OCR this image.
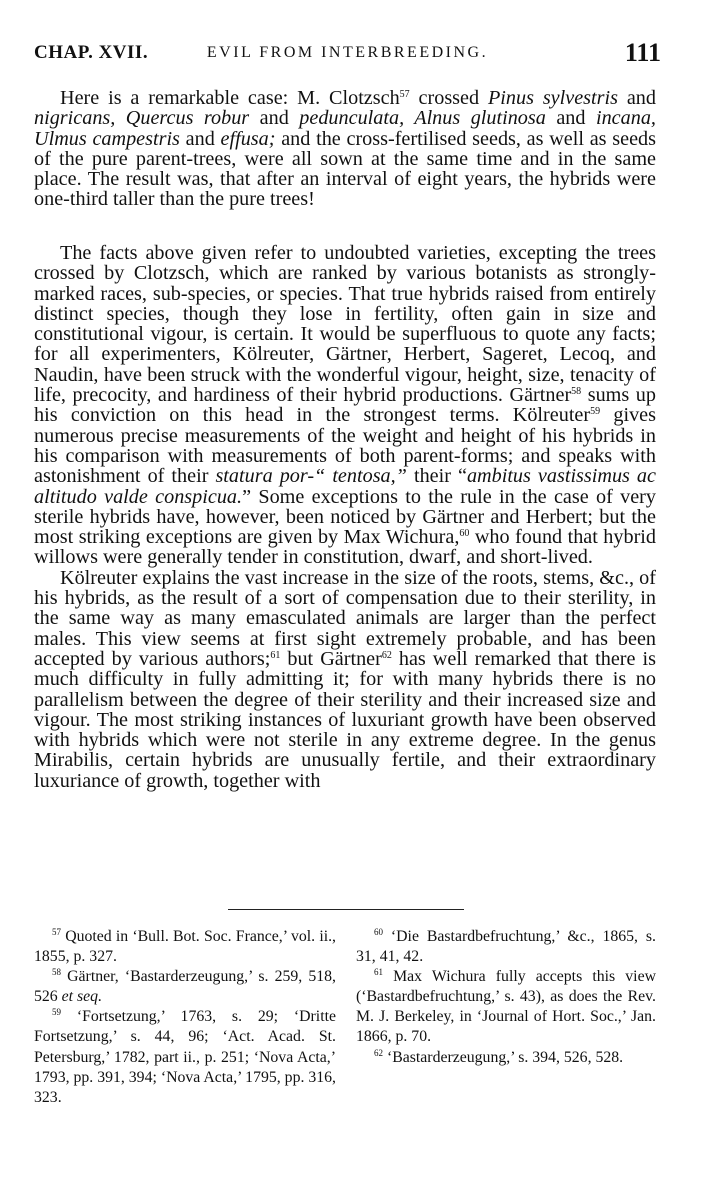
CHAP. XVII.	EVIL FROM INTERBREEDING.	111

Here is a remarkable case: M. Clotzsch$^{57}$ crossed Pinus sylvestris and nigricans, Quercus robur and pedunculata, Alnus glutinosa and incana, Ulmus campestris and effusa; and the cross-fertilised seeds, as well as seeds of the pure parent-trees, were all sown at the same time and in the same place. The result was, that after an interval of eight years, the hybrids were one-third taller than the pure trees!

The facts above given refer to undoubted varieties, excepting the trees crossed by Clotzsch, which are ranked by various botanists as strongly-marked races, sub-species, or species. That true hybrids raised from entirely distinct species, though they lose in fertility, often gain in size and constitutional vigour, is certain. It would be superfluous to quote any facts; for all experimenters, Kölreuter, Gärtner, Herbert, Sageret, Lecoq, and Naudin, have been struck with the wonderful vigour, height, size, tenacity of life, precocity, and hardiness of their hybrid productions. Gärtner$^{58}$ sums up his conviction on this head in the strongest terms. Kölreuter$^{59}$ gives numerous precise measurements of the weight and height of his hybrids in his comparison with measurements of both parent-forms; and speaks with astonishment of their statura por-“ tentosa,” their “ambitus vastissimus ac altitudo valde conspicua.” Some exceptions to the rule in the case of very sterile hybrids have, however, been noticed by Gärtner and Herbert; but the most striking exceptions are given by Max Wichura,$^{60}$ who found that hybrid willows were generally tender in constitution, dwarf, and short-lived.

Kölreuter explains the vast increase in the size of the roots, stems, &c., of his hybrids, as the result of a sort of compensation due to their sterility, in the same way as many emasculated animals are larger than the perfect males. This view seems at first sight extremely probable, and has been accepted by various authors;$^{61}$ but Gärtner$^{62}$ has well remarked that there is much difficulty in fully admitting it; for with many hybrids there is no parallelism between the degree of their sterility and their increased size and vigour. The most striking instances of luxuriant growth have been observed with hybrids which were not sterile in any extreme degree. In the genus Mirabilis, certain hybrids are unusually fertile, and their extraordinary luxuriance of growth, together with

$^{57}$ Quoted in ‘Bull. Bot. Soc. France,’ vol. ii., 1855, p. 327.

$^{58}$ Gärtner, ‘Bastarderzeugung,’ s. 259, 518, 526 et seq.

$^{59}$ ‘Fortsetzung,’ 1763, s. 29; ‘Dritte Fortsetzung,’ s. 44, 96; ‘Act. Acad. St. Petersburg,’ 1782, part ii., p. 251; ‘Nova Acta,’ 1793, pp. 391, 394; ‘Nova Acta,’ 1795, pp. 316, 323.

$^{60}$ ‘Die Bastardbefruchtung,’ &c., 1865, s. 31, 41, 42.

$^{61}$ Max Wichura fully accepts this view (‘Bastardbefruchtung,’ s. 43), as does the Rev. M. J. Berkeley, in ‘Journal of Hort. Soc.,’ Jan. 1866, p. 70.

$^{62}$ ‘Bastarderzeugung,’ s. 394, 526, 528.
